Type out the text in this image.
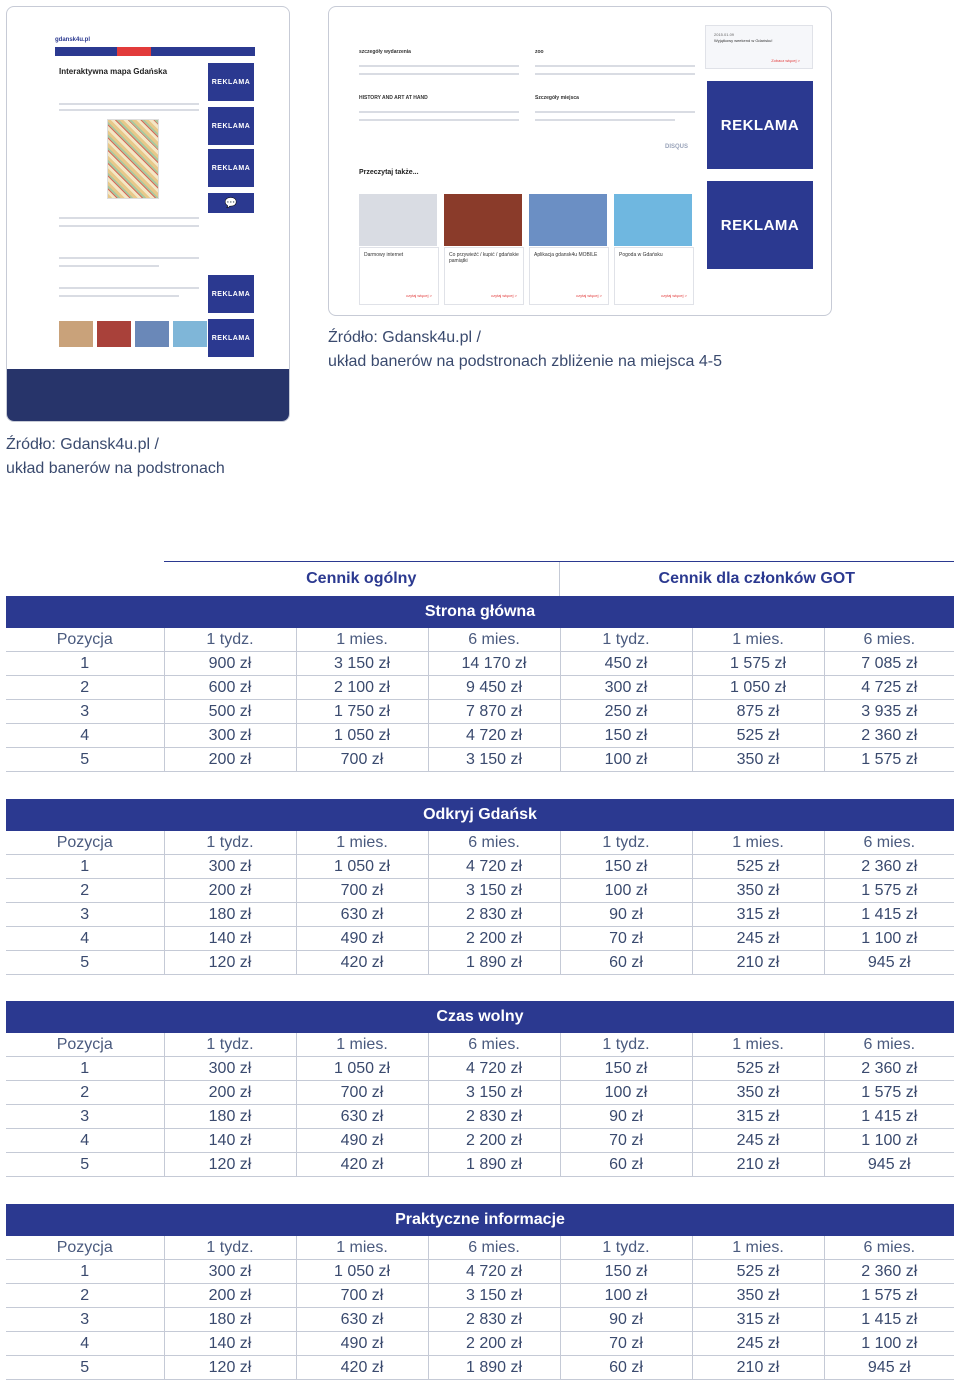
gdansk4u.pl
Interaktywna mapa Gdańska
REKLAMA
REKLAMA
REKLAMA
💬
REKLAMA
REKLAMA
szczegóły wydarzenia	zoo
HISTORY AND ART AT HAND	Szczegóły miejsca
DISQUS
Przeczytaj także...
Darmowy internet
czytaj więcej >
Co przywieźć / kupić / gdańskie pamiątki
czytaj więcej >
Aplikacja gdansk4u MOBILE
czytaj więcej >
Pogoda w Gdańsku
czytaj więcej >
2015.01.09
Wyjątkowy weekend w Gdańsku!
Zobacz więcej >
REKLAMA
REKLAMA
Źródło: Gdansk4u.pl /
układ banerów na podstronach zbliżenie na miejsca 4-5
Źródło: Gdansk4u.pl /
układ banerów na podstronach
Cennik ogólny	Cennik dla członków GOT
Strona główna
Pozycja	1 tydz.	1 mies.	6 mies.	1 tydz.	1 mies.	6 mies.
1	900 zł	3 150 zł	14 170 zł	450 zł	1 575 zł	7 085 zł
2	600 zł	2 100 zł	9 450 zł	300 zł	1 050 zł	4 725 zł
3	500 zł	1 750 zł	7 870 zł	250 zł	875 zł	3 935 zł
4	300 zł	1 050 zł	4 720 zł	150 zł	525 zł	2 360 zł
5	200 zł	700 zł	3 150 zł	100 zł	350 zł	1 575 zł
Odkryj Gdańsk
Pozycja	1 tydz.	1 mies.	6 mies.	1 tydz.	1 mies.	6 mies.
1	300 zł	1 050 zł	4 720 zł	150 zł	525 zł	2 360 zł
2	200 zł	700 zł	3 150 zł	100 zł	350 zł	1 575 zł
3	180 zł	630 zł	2 830 zł	90 zł	315 zł	1 415 zł
4	140 zł	490 zł	2 200 zł	70 zł	245 zł	1 100 zł
5	120 zł	420 zł	1 890 zł	60 zł	210 zł	945 zł
Czas wolny
Pozycja	1 tydz.	1 mies.	6 mies.	1 tydz.	1 mies.	6 mies.
1	300 zł	1 050 zł	4 720 zł	150 zł	525 zł	2 360 zł
2	200 zł	700 zł	3 150 zł	100 zł	350 zł	1 575 zł
3	180 zł	630 zł	2 830 zł	90 zł	315 zł	1 415 zł
4	140 zł	490 zł	2 200 zł	70 zł	245 zł	1 100 zł
5	120 zł	420 zł	1 890 zł	60 zł	210 zł	945 zł
Praktyczne informacje
Pozycja	1 tydz.	1 mies.	6 mies.	1 tydz.	1 mies.	6 mies.
1	300 zł	1 050 zł	4 720 zł	150 zł	525 zł	2 360 zł
2	200 zł	700 zł	3 150 zł	100 zł	350 zł	1 575 zł
3	180 zł	630 zł	2 830 zł	90 zł	315 zł	1 415 zł
4	140 zł	490 zł	2 200 zł	70 zł	245 zł	1 100 zł
5	120 zł	420 zł	1 890 zł	60 zł	210 zł	945 zł
